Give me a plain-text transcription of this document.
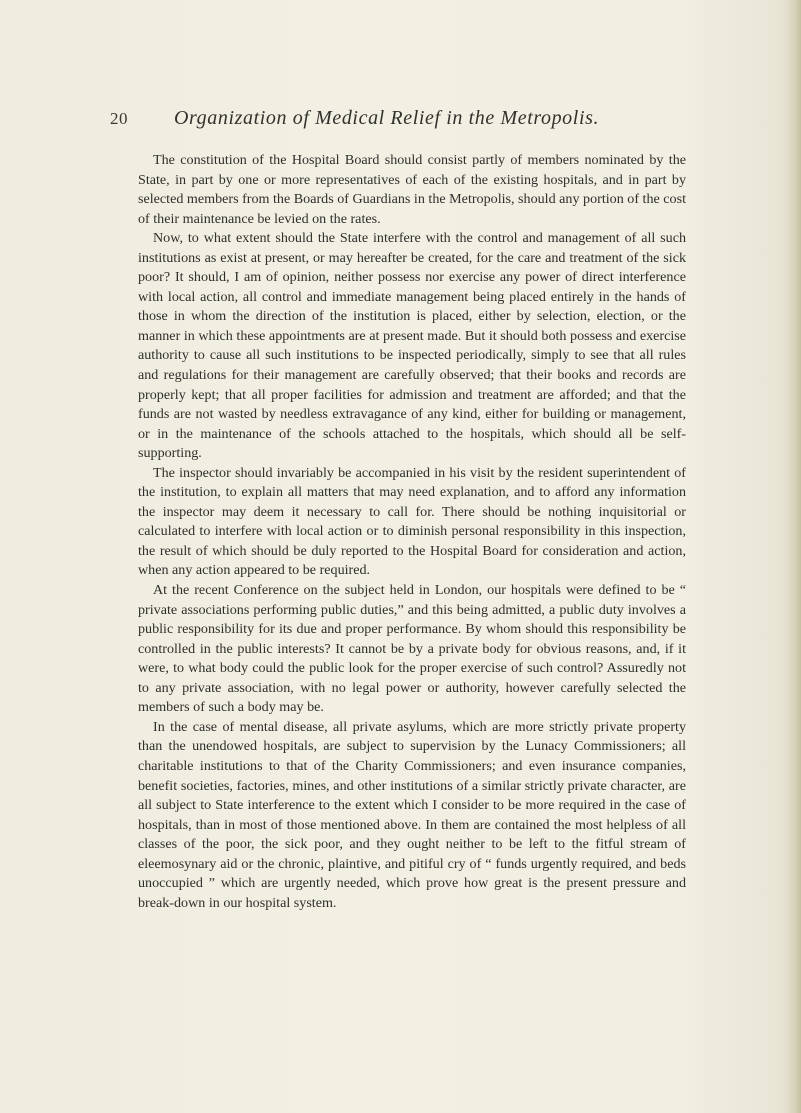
20 Organization of Medical Relief in the Metropolis.

The constitution of the Hospital Board should consist partly of members nominated by the State, in part by one or more representatives of each of the existing hospitals, and in part by selected members from the Boards of Guardians in the Metropolis, should any portion of the cost of their maintenance be levied on the rates.

Now, to what extent should the State interfere with the control and management of all such institutions as exist at present, or may hereafter be created, for the care and treatment of the sick poor? It should, I am of opinion, neither possess nor exercise any power of direct interference with local action, all control and immediate management being placed entirely in the hands of those in whom the direction of the institution is placed, either by selection, election, or the manner in which these appointments are at present made. But it should both possess and exercise authority to cause all such institutions to be inspected periodically, simply to see that all rules and regulations for their management are carefully observed; that their books and records are properly kept; that all proper facilities for admission and treatment are afforded; and that the funds are not wasted by needless extravagance of any kind, either for building or management, or in the maintenance of the schools attached to the hospitals, which should all be self-supporting.

The inspector should invariably be accompanied in his visit by the resident superintendent of the institution, to explain all matters that may need explanation, and to afford any information the inspector may deem it necessary to call for. There should be nothing inquisitorial or calculated to interfere with local action or to diminish personal responsibility in this inspection, the result of which should be duly reported to the Hospital Board for consideration and action, when any action appeared to be required.

At the recent Conference on the subject held in London, our hospitals were defined to be “ private associations performing public duties,” and this being admitted, a public duty involves a public responsibility for its due and proper performance. By whom should this responsibility be controlled in the public interests? It cannot be by a private body for obvious reasons, and, if it were, to what body could the public look for the proper exercise of such control? Assuredly not to any private association, with no legal power or authority, however carefully selected the members of such a body may be.

In the case of mental disease, all private asylums, which are more strictly private property than the unendowed hospitals, are subject to supervision by the Lunacy Commissioners; all charitable institutions to that of the Charity Commissioners; and even insurance companies, benefit societies, factories, mines, and other institutions of a similar strictly private character, are all subject to State interference to the extent which I consider to be more required in the case of hospitals, than in most of those mentioned above. In them are contained the most helpless of all classes of the poor, the sick poor, and they ought neither to be left to the fitful stream of eleemosynary aid or the chronic, plaintive, and pitiful cry of “ funds urgently required, and beds unoccupied ” which are urgently needed, which prove how great is the present pressure and break-down in our hospital system.
